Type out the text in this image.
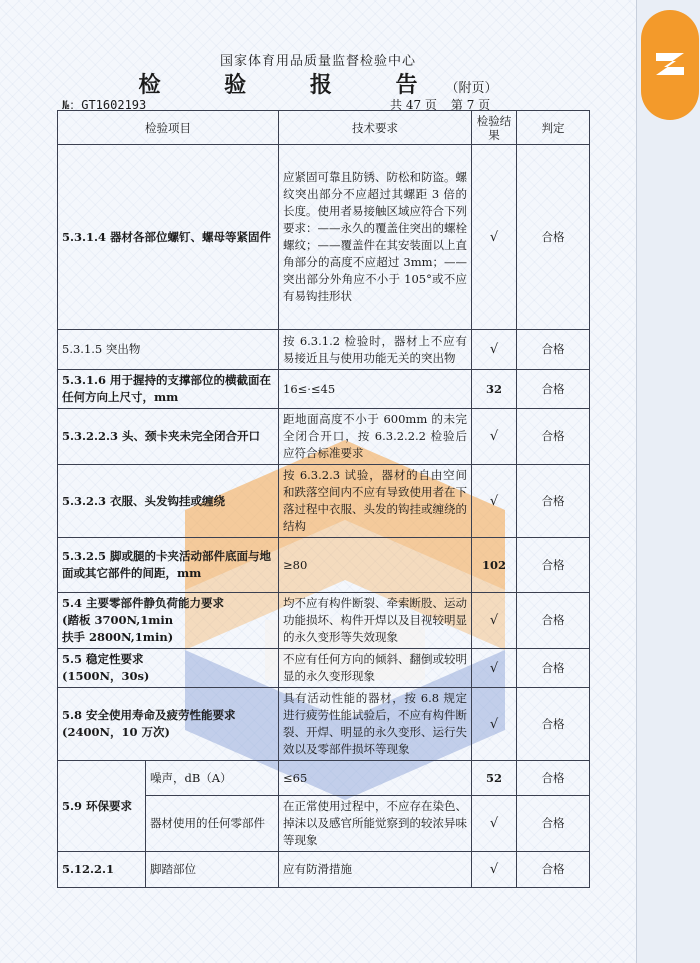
国家体育用品质量监督检验中心
检 验 报 告（附页）
№：GT1602193	共 47 页 第 7 页
检验项目		技术要求	检验结果	判定
5.3.1.4 器材各部位螺钉、螺母等紧固件		应紧固可靠且防锈、防松和防盗。螺纹突出部分不应超过其螺距 3 倍的长度。使用者易接触区域应符合下列要求：——永久的覆盖住突出的螺栓螺纹；——覆盖件在其安装面以上直角部分的高度不应超过 3mm；——突出部分外角应不小于 105°或不应有易钩挂形状	√	合格
5.3.1.5 突出物		按 6.3.1.2 检验时，器材上不应有易接近且与使用功能无关的突出物	√	合格
5.3.1.6 用于握持的支撑部位的横截面在任何方向上尺寸，mm		16≤·≤45	32	合格
5.3.2.2.3 头、颈卡夹未完全闭合开口		距地面高度不小于 600mm 的未完全闭合开口，按 6.3.2.2.2 检验后应符合标准要求	√	合格
5.3.2.3 衣服、头发钩挂或缠绕		按 6.3.2.3 试验，器材的自由空间和跌落空间内不应有导致使用者在下落过程中衣服、头发的钩挂或缠绕的结构	√	合格
5.3.2.5 脚或腿的卡夹活动部件底面与地面或其它部件的间距，mm		≥80	102	合格

5.4 主要零部件静负荷能力要求
(踏板 3700N,1min
扶手 2800N,1min)		均不应有构件断裂、牵索断股、运动功能损坏、构件开焊以及目视较明显的永久变形等失效现象	√	合格

5.5 稳定性要求
(1500N，30s)		不应有任何方向的倾斜、翻倒或较明显的永久变形现象	√	合格

5.8 安全使用寿命及疲劳性能要求
(2400N，10 万次)		具有活动性能的器材，按 6.8 规定进行疲劳性能试验后，不应有构件断裂、开焊、明显的永久变形、运行失效以及零部件损坏等现象	√	合格
5.9 环保要求	噪声，dB（A）	≤65	52	合格
	器材使用的任何零部件	在正常使用过程中，不应存在染色、掉沫以及感官所能觉察到的较浓异味等现象	√	合格
5.12.2.1	脚踏部位	应有防滑措施	√	合格
